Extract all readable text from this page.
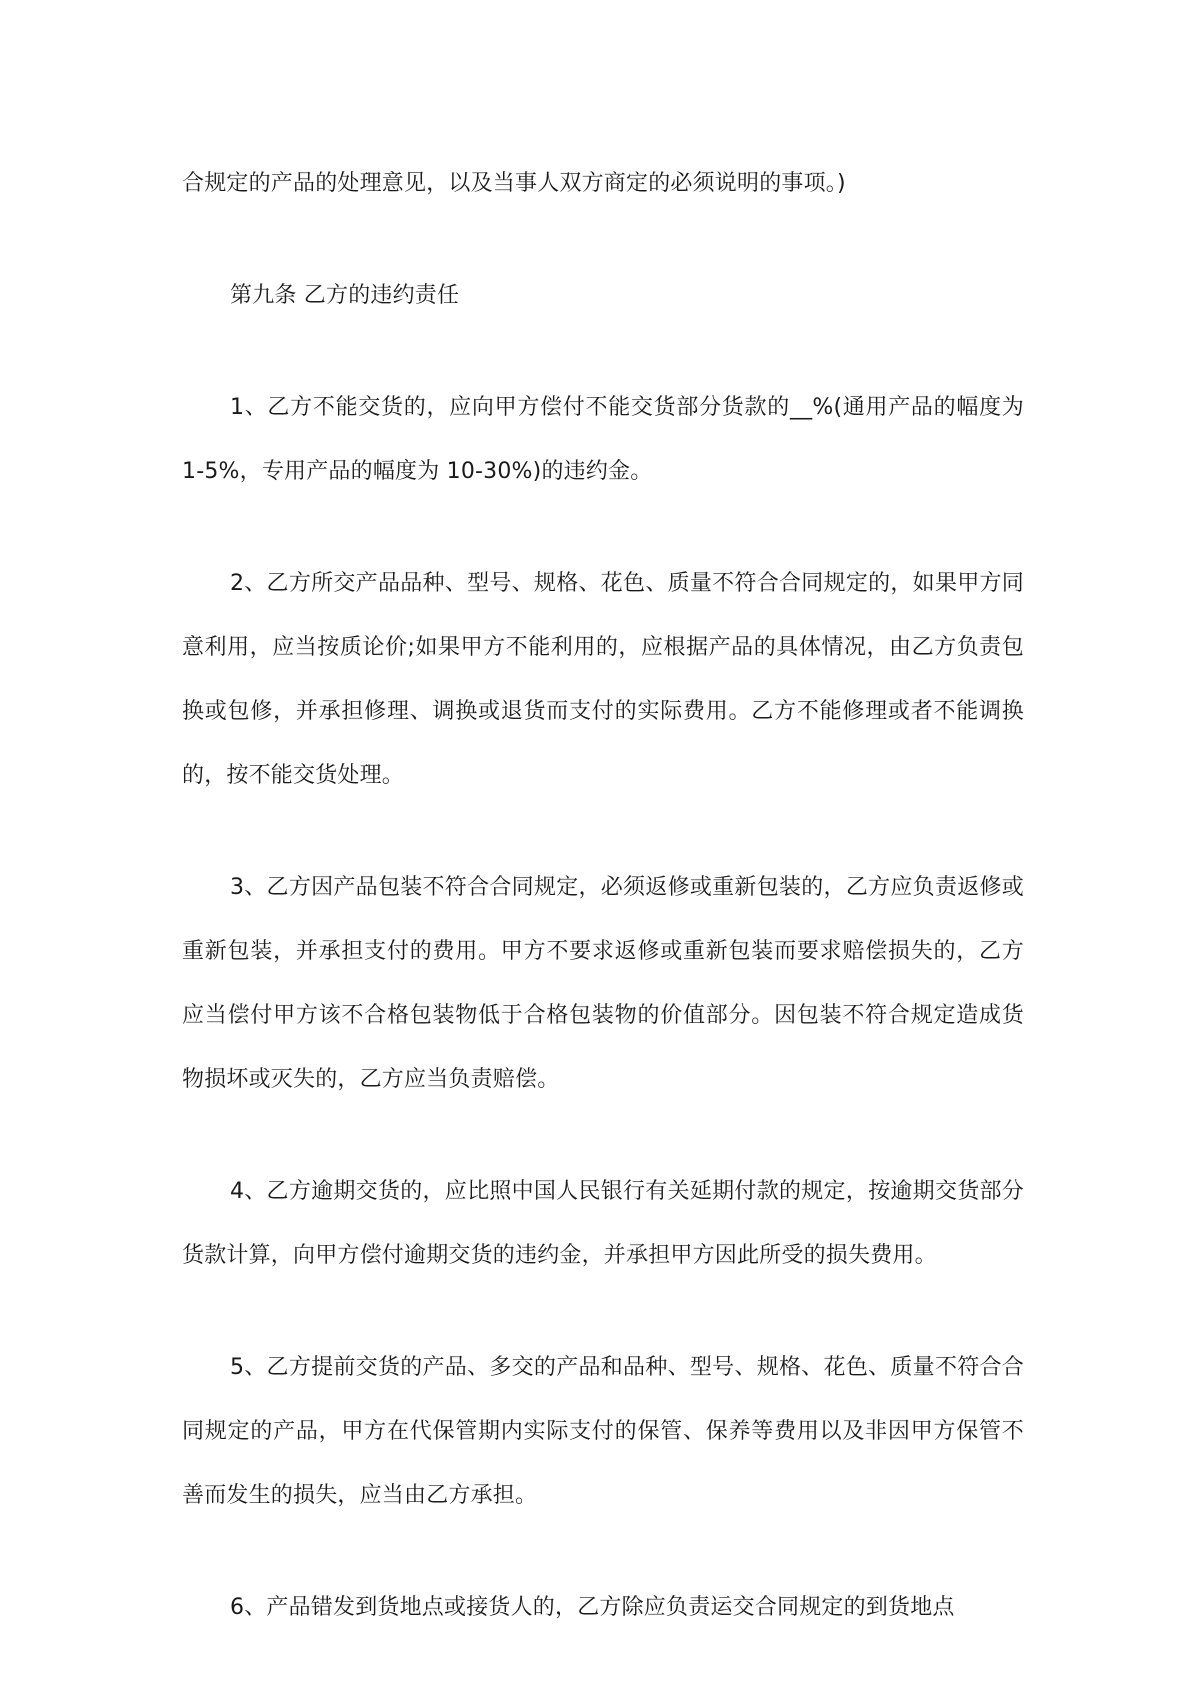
合规定的产品的处理意见，以及当事人双方商定的必须说明的事项。)

第九条 乙方的违约责任

1、乙方不能交货的，应向甲方偿付不能交货部分货款的__%(通用产品的幅度为 1-5%，专用产品的幅度为 10-30%)的违约金。

2、乙方所交产品品种、型号、规格、花色、质量不符合合同规定的，如果甲方同意利用，应当按质论价;如果甲方不能利用的，应根据产品的具体情况，由乙方负责包换或包修，并承担修理、调换或退货而支付的实际费用。乙方不能修理或者不能调换的，按不能交货处理。

3、乙方因产品包装不符合合同规定，必须返修或重新包装的，乙方应负责返修或重新包装，并承担支付的费用。甲方不要求返修或重新包装而要求赔偿损失的，乙方应当偿付甲方该不合格包装物低于合格包装物的价值部分。因包装不符合规定造成货物损坏或灭失的，乙方应当负责赔偿。

4、乙方逾期交货的，应比照中国人民银行有关延期付款的规定，按逾期交货部分货款计算，向甲方偿付逾期交货的违约金，并承担甲方因此所受的损失费用。

5、乙方提前交货的产品、多交的产品和品种、型号、规格、花色、质量不符合合同规定的产品，甲方在代保管期内实际支付的保管、保养等费用以及非因甲方保管不善而发生的损失，应当由乙方承担。

6、产品错发到货地点或接货人的，乙方除应负责运交合同规定的到货地点
